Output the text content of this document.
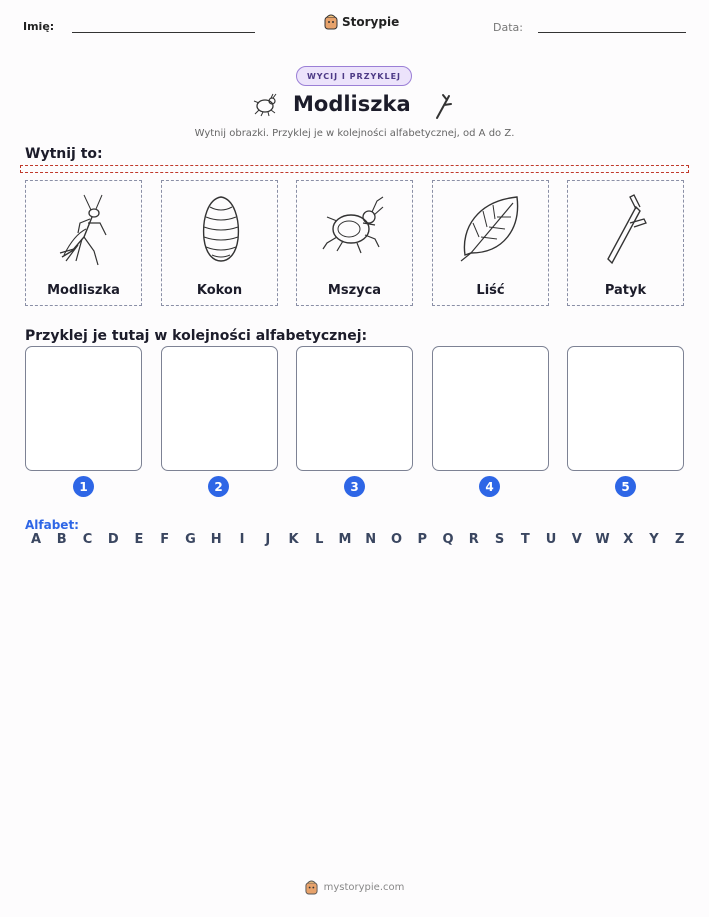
Imię:	Storypie	Data:
WYCIJ I PRZYKLEJ
Modliszka
Wytnij obrazki. Przyklej je w kolejności alfabetycznej, od A do Z.
Wytnij to:
Modliszka	Kokon	Mszyca	Liść	Patyk
Przyklej je tutaj w kolejności alfabetycznej:
1	2	3	4	5
Alfabet:
A B C D E F G H	I	J	K L M N O P Q R S T U V W X Y Z
mystorypie.com
